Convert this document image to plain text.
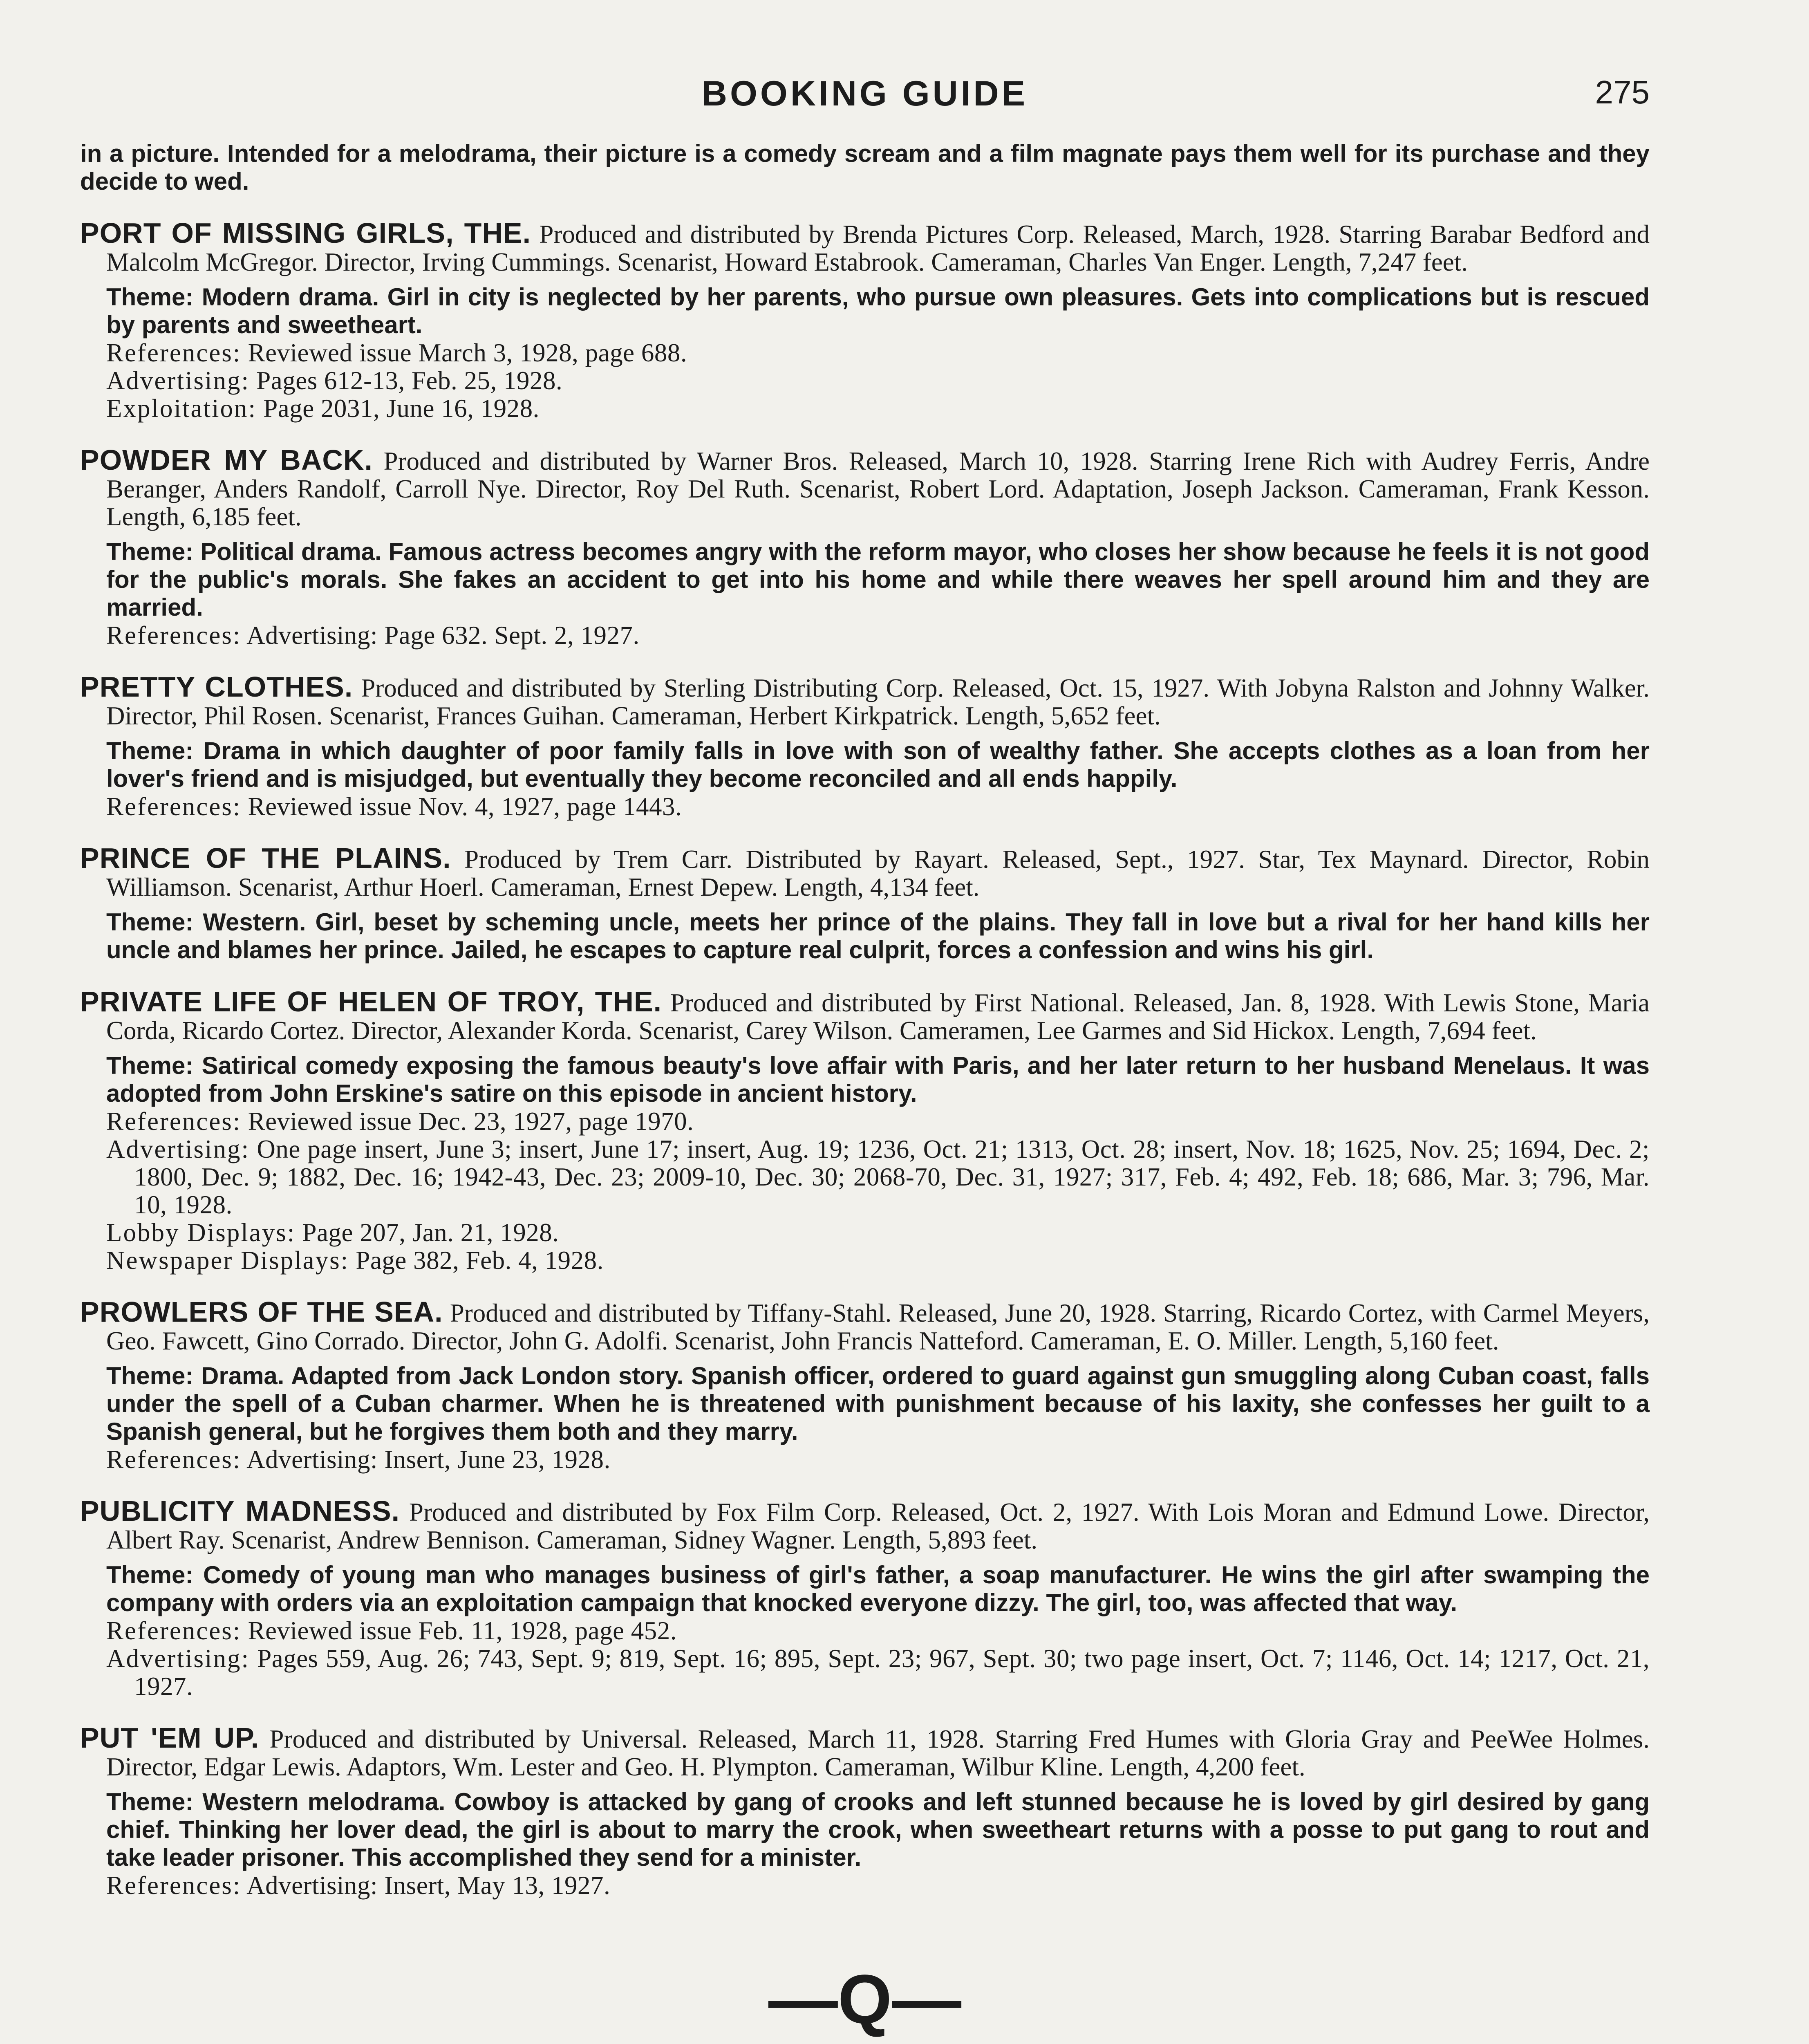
BOOKING GUIDE	275

in a picture. Intended for a melodrama, their picture is a comedy scream and a film magnate pays them well for its purchase and they decide to wed.

PORT OF MISSING GIRLS, THE. Produced and distributed by Brenda Pictures Corp. Released, March, 1928. Starring Barabar Bedford and Malcolm McGregor. Director, Irving Cummings. Scenarist, Howard Estabrook. Cameraman, Charles Van Enger. Length, 7,247 feet.

Theme: Modern drama. Girl in city is neglected by her parents, who pursue own pleasures. Gets into complications but is rescued by parents and sweetheart.

References: Reviewed issue March 3, 1928, page 688.

Advertising: Pages 612-13, Feb. 25, 1928.

Exploitation: Page 2031, June 16, 1928.

POWDER MY BACK. Produced and distributed by Warner Bros. Released, March 10, 1928. Starring Irene Rich with Audrey Ferris, Andre Beranger, Anders Randolf, Carroll Nye. Director, Roy Del Ruth. Scenarist, Robert Lord. Adaptation, Joseph Jackson. Cameraman, Frank Kesson. Length, 6,185 feet.

Theme: Political drama. Famous actress becomes angry with the reform mayor, who closes her show because he feels it is not good for the public's morals. She fakes an accident to get into his home and while there weaves her spell around him and they are married.

References: Advertising: Page 632. Sept. 2, 1927.

PRETTY CLOTHES. Produced and distributed by Sterling Distributing Corp. Released, Oct. 15, 1927. With Jobyna Ralston and Johnny Walker. Director, Phil Rosen. Scenarist, Frances Guihan. Cameraman, Herbert Kirkpatrick. Length, 5,652 feet.

Theme: Drama in which daughter of poor family falls in love with son of wealthy father. She accepts clothes as a loan from her lover's friend and is misjudged, but eventually they become reconciled and all ends happily.

References: Reviewed issue Nov. 4, 1927, page 1443.

PRINCE OF THE PLAINS. Produced by Trem Carr. Distributed by Rayart. Released, Sept., 1927. Star, Tex Maynard. Director, Robin Williamson. Scenarist, Arthur Hoerl. Cameraman, Ernest Depew. Length, 4,134 feet.

Theme: Western. Girl, beset by scheming uncle, meets her prince of the plains. They fall in love but a rival for her hand kills her uncle and blames her prince. Jailed, he escapes to capture real culprit, forces a confession and wins his girl.

PRIVATE LIFE OF HELEN OF TROY, THE. Produced and distributed by First National. Released, Jan. 8, 1928. With Lewis Stone, Maria Corda, Ricardo Cortez. Director, Alexander Korda. Scenarist, Carey Wilson. Cameramen, Lee Garmes and Sid Hickox. Length, 7,694 feet.

Theme: Satirical comedy exposing the famous beauty's love affair with Paris, and her later return to her husband Menelaus. It was adopted from John Erskine's satire on this episode in ancient history.

References: Reviewed issue Dec. 23, 1927, page 1970.

Advertising: One page insert, June 3; insert, June 17; insert, Aug. 19; 1236, Oct. 21; 1313, Oct. 28; insert, Nov. 18; 1625, Nov. 25; 1694, Dec. 2; 1800, Dec. 9; 1882, Dec. 16; 1942-43, Dec. 23; 2009-10, Dec. 30; 2068-70, Dec. 31, 1927; 317, Feb. 4; 492, Feb. 18; 686, Mar. 3; 796, Mar. 10, 1928.

Lobby Displays: Page 207, Jan. 21, 1928.

Newspaper Displays: Page 382, Feb. 4, 1928.

PROWLERS OF THE SEA. Produced and distributed by Tiffany-Stahl. Released, June 20, 1928. Starring, Ricardo Cortez, with Carmel Meyers, Geo. Fawcett, Gino Corrado. Director, John G. Adolfi. Scenarist, John Francis Natteford. Cameraman, E. O. Miller. Length, 5,160 feet.

Theme: Drama. Adapted from Jack London story. Spanish officer, ordered to guard against gun smuggling along Cuban coast, falls under the spell of a Cuban charmer. When he is threatened with punishment because of his laxity, she confesses her guilt to a Spanish general, but he forgives them both and they marry.

References: Advertising: Insert, June 23, 1928.

PUBLICITY MADNESS. Produced and distributed by Fox Film Corp. Released, Oct. 2, 1927. With Lois Moran and Edmund Lowe. Director, Albert Ray. Scenarist, Andrew Bennison. Cameraman, Sidney Wagner. Length, 5,893 feet.

Theme: Comedy of young man who manages business of girl's father, a soap manufacturer. He wins the girl after swamping the company with orders via an exploitation campaign that knocked everyone dizzy. The girl, too, was affected that way.

References: Reviewed issue Feb. 11, 1928, page 452.

Advertising: Pages 559, Aug. 26; 743, Sept. 9; 819, Sept. 16; 895, Sept. 23; 967, Sept. 30; two page insert, Oct. 7; 1146, Oct. 14; 1217, Oct. 21, 1927.

PUT 'EM UP. Produced and distributed by Universal. Released, March 11, 1928. Starring Fred Humes with Gloria Gray and PeeWee Holmes. Director, Edgar Lewis. Adaptors, Wm. Lester and Geo. H. Plympton. Cameraman, Wilbur Kline. Length, 4,200 feet.

Theme: Western melodrama. Cowboy is attacked by gang of crooks and left stunned because he is loved by girl desired by gang chief. Thinking her lover dead, the girl is about to marry the crook, when sweetheart returns with a posse to put gang to rout and take leader prisoner. This accomplished they send for a minister.

References: Advertising: Insert, May 13, 1927.

—Q—
